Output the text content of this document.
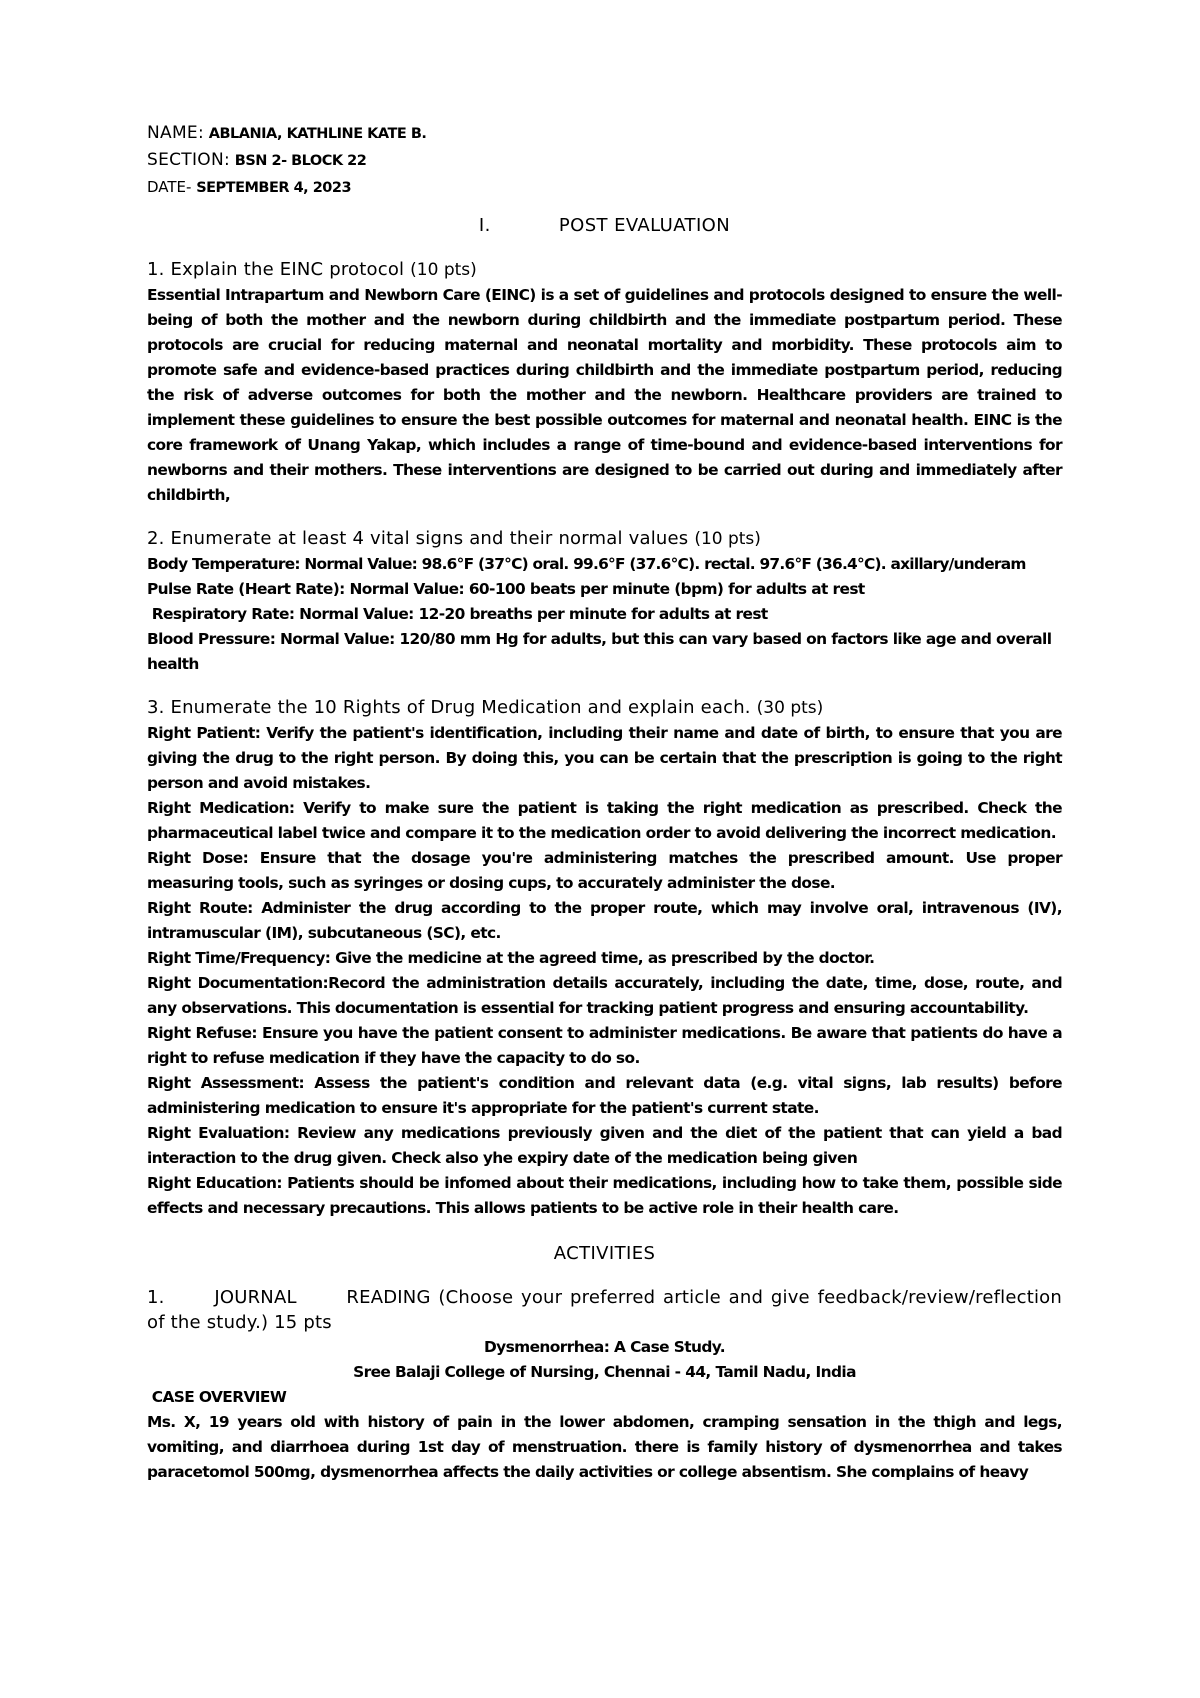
NAME: ABLANIA, KATHLINE KATE B.
SECTION: BSN 2- BLOCK 22
DATE- SEPTEMBER 4, 2023
I.	POST EVALUATION
1. Explain the EINC protocol (10 pts)
Essential Intrapartum and Newborn Care (EINC) is a set of guidelines and protocols designed to ensure the well-being of both the mother and the newborn during childbirth and the immediate postpartum period. These protocols are crucial for reducing maternal and neonatal mortality and morbidity. These protocols aim to promote safe and evidence-based practices during childbirth and the immediate postpartum period, reducing the risk of adverse outcomes for both the mother and the newborn. Healthcare providers are trained to implement these guidelines to ensure the best possible outcomes for maternal and neonatal health. EINC is the core framework of Unang Yakap, which includes a range of time-bound and evidence-based interventions for newborns and their mothers. These interventions are designed to be carried out during and immediately after childbirth,
2. Enumerate at least 4 vital signs and their normal values (10 pts)
Body Temperature: Normal Value: 98.6°F (37°C) oral. 99.6°F (37.6°C). rectal. 97.6°F (36.4°C). axillary/underam
Pulse Rate (Heart Rate): Normal Value: 60-100 beats per minute (bpm) for adults at rest
Respiratory Rate: Normal Value: 12-20 breaths per minute for adults at rest
Blood Pressure: Normal Value: 120/80 mm Hg for adults, but this can vary based on factors like age and overall health
3. Enumerate the 10 Rights of Drug Medication and explain each. (30 pts)
Right Patient: Verify the patient's identification, including their name and date of birth, to ensure that you are giving the drug to the right person. By doing this, you can be certain that the prescription is going to the right person and avoid mistakes.
Right Medication: Verify to make sure the patient is taking the right medication as prescribed. Check the pharmaceutical label twice and compare it to the medication order to avoid delivering the incorrect medication.
Right Dose: Ensure that the dosage you're administering matches the prescribed amount. Use proper measuring tools, such as syringes or dosing cups, to accurately administer the dose.
Right Route: Administer the drug according to the proper route, which may involve oral, intravenous (IV), intramuscular (IM), subcutaneous (SC), etc.
Right Time/Frequency: Give the medicine at the agreed time, as prescribed by the doctor.
Right Documentation:Record the administration details accurately, including the date, time, dose, route, and any observations. This documentation is essential for tracking patient progress and ensuring accountability.
Right Refuse: Ensure you have the patient consent to administer medications. Be aware that patients do have a right to refuse medication if they have the capacity to do so.
Right Assessment: Assess the patient's condition and relevant data (e.g. vital signs, lab results) before administering medication to ensure it's appropriate for the patient's current state.
Right Evaluation: Review any medications previously given and the diet of the patient that can yield a bad interaction to the drug given. Check also yhe expiry date of the medication being given
Right Education: Patients should be infomed about their medications, including how to take them, possible side effects and necessary precautions. This allows patients to be active role in their health care.
ACTIVITIES
1. JOURNAL READING (Choose your preferred article and give feedback/review/reflection of the study.) 15 pts
Dysmenorrhea: A Case Study.
Sree Balaji College of Nursing, Chennai - 44, Tamil Nadu, India
CASE OVERVIEW
Ms. X, 19 years old with history of pain in the lower abdomen, cramping sensation in the thigh and legs, vomiting, and diarrhoea during 1st day of menstruation. there is family history of dysmenorrhea and takes paracetomol 500mg, dysmenorrhea affects the daily activities or college absentism. She complains of heavy
